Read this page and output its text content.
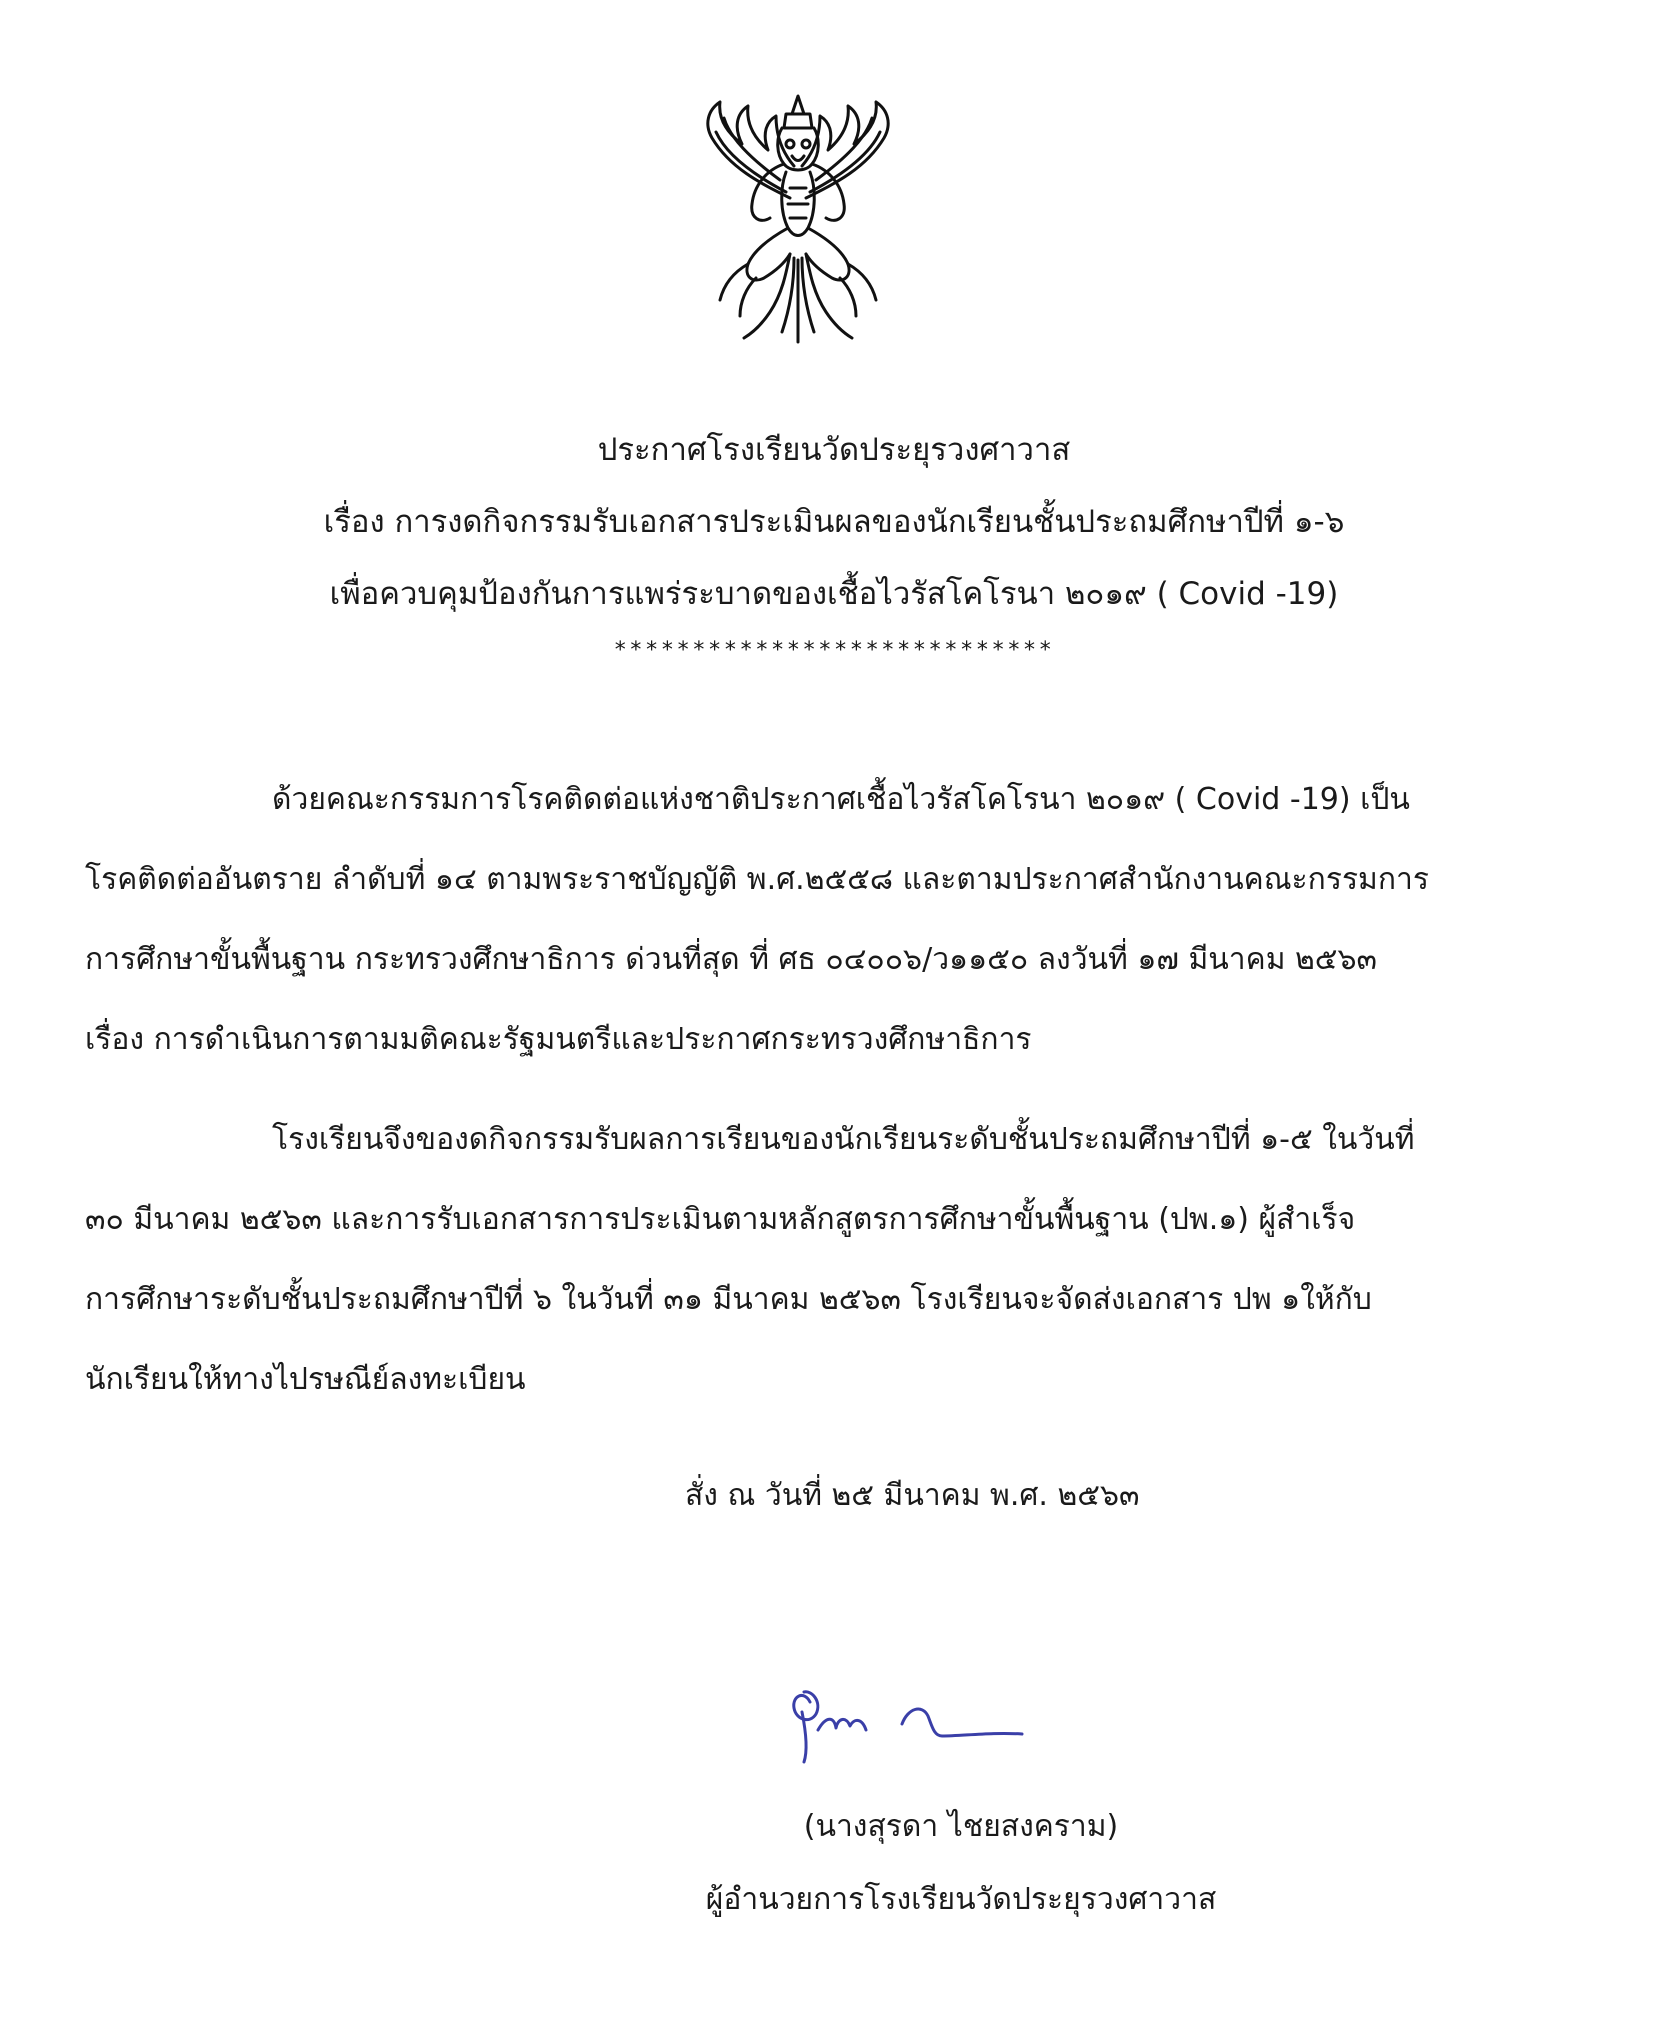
ประกาศโรงเรียนวัดประยุรวงศาวาส
เรื่อง การงดกิจกรรมรับเอกสารประเมินผลของนักเรียนชั้นประถมศึกษาปีที่ ๑-๖
เพื่อควบคุมป้องกันการแพร่ระบาดของเชื้อไวรัสโคโรนา ๒๐๑๙ ( Covid -19)
****************************
ด้วยคณะกรรมการโรคติดต่อแห่งชาติประกาศเชื้อไวรัสโคโรนา ๒๐๑๙ ( Covid -19) เป็น
โรคติดต่ออันตราย ลำดับที่ ๑๔ ตามพระราชบัญญัติ พ.ศ.๒๕๕๘ และตามประกาศสำนักงานคณะกรรมการ
การศึกษาขั้นพื้นฐาน กระทรวงศึกษาธิการ ด่วนที่สุด ที่ ศธ ๐๔๐๐๖/ว๑๑๕๐ ลงวันที่ ๑๗ มีนาคม ๒๕๖๓
เรื่อง การดำเนินการตามมติคณะรัฐมนตรีและประกาศกระทรวงศึกษาธิการ
โรงเรียนจึงของดกิจกรรมรับผลการเรียนของนักเรียนระดับชั้นประถมศึกษาปีที่ ๑-๕ ในวันที่
๓๐ มีนาคม ๒๕๖๓ และการรับเอกสารการประเมินตามหลักสูตรการศึกษาขั้นพื้นฐาน (ปพ.๑) ผู้สำเร็จ
การศึกษาระดับชั้นประถมศึกษาปีที่ ๖ ในวันที่ ๓๑ มีนาคม ๒๕๖๓ โรงเรียนจะจัดส่งเอกสาร ปพ ๑ให้กับ
นักเรียนให้ทางไปรษณีย์ลงทะเบียน
สั่ง ณ วันที่ ๒๕ มีนาคม พ.ศ. ๒๕๖๓
(นางสุรดา ไชยสงคราม)
ผู้อำนวยการโรงเรียนวัดประยุรวงศาวาส
